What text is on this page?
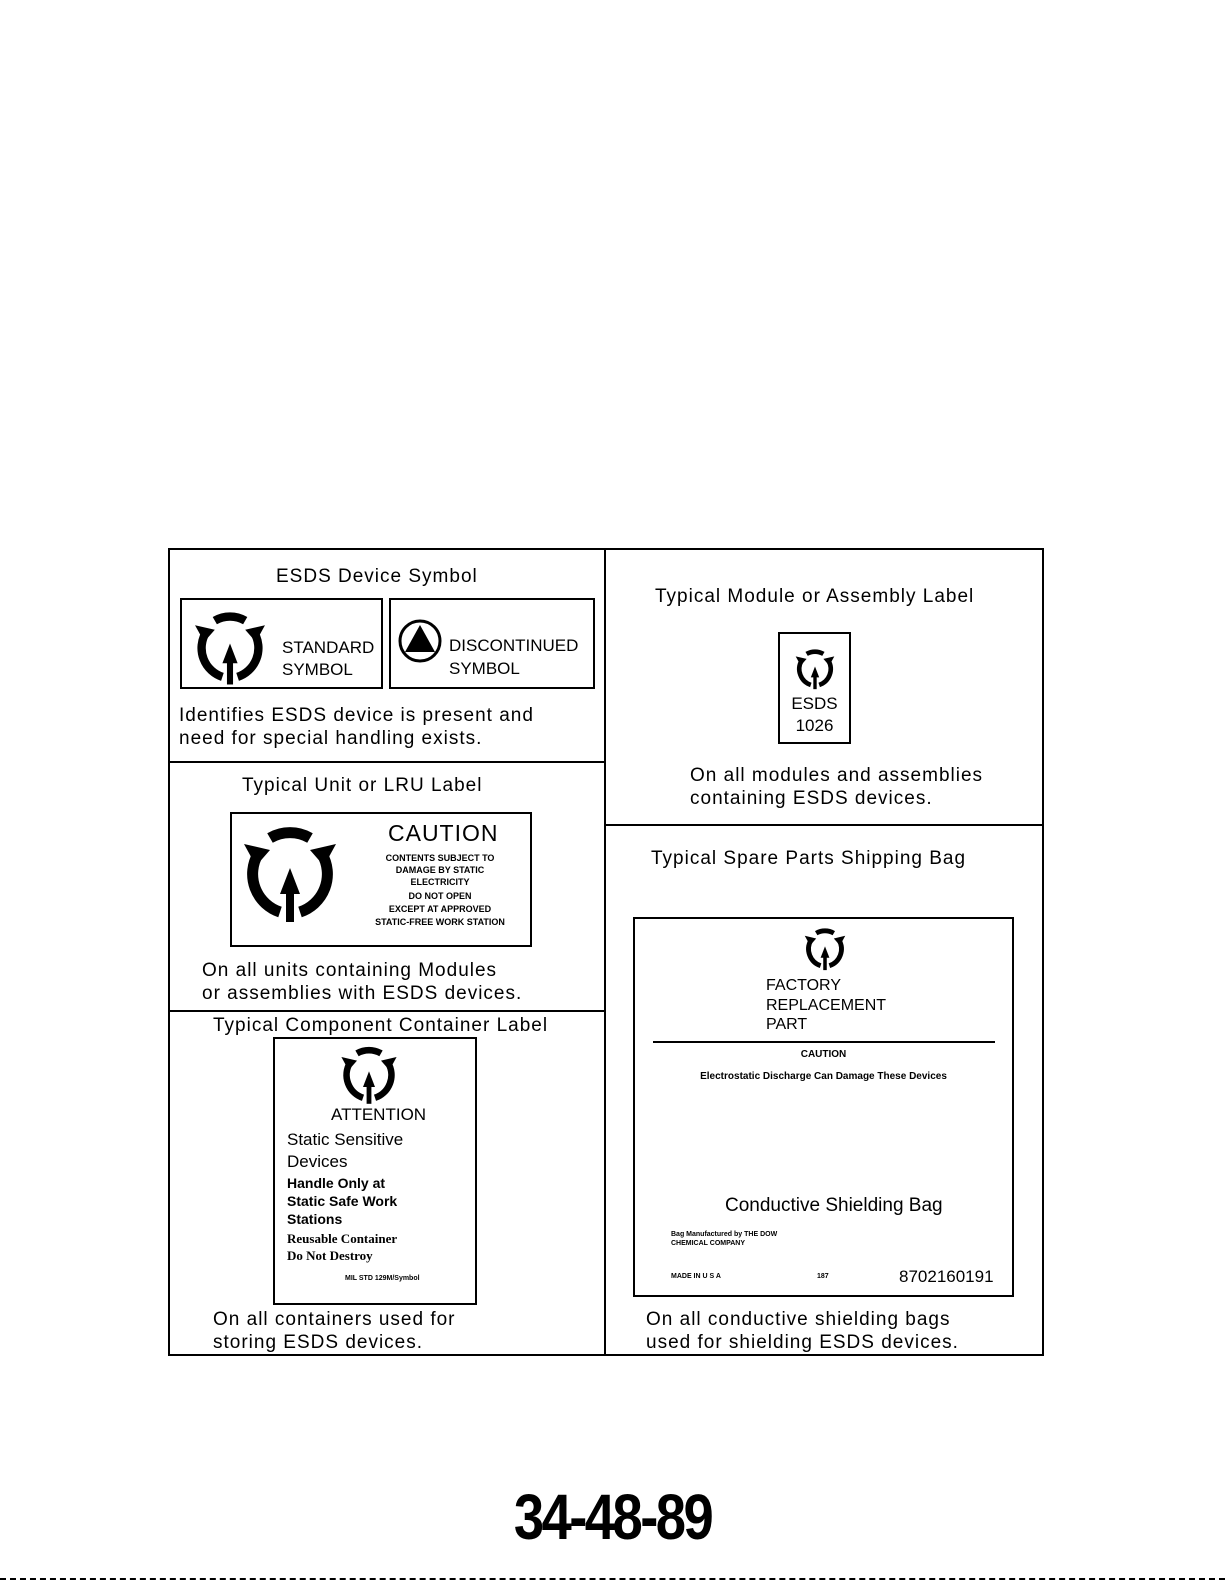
ESDS Device Symbol
STANDARD
SYMBOL
DISCONTINUED
SYMBOL
Identifies ESDS device is present and
need for special handling exists.
Typical Unit or LRU Label
CAUTION
CONTENTS SUBJECT TO
DAMAGE BY STATIC
ELECTRICITY
DO NOT OPEN
EXCEPT AT APPROVED
STATIC-FREE WORK STATION
On all units containing Modules
or assemblies with ESDS devices.
Typical Component Container Label
ATTENTION
Static Sensitive
Devices
Handle Only at
Static Safe Work
Stations
Reusable Container
Do Not Destroy
MIL STD 129M/Symbol
On all containers used for
storing ESDS devices.
Typical Module or Assembly Label
ESDS
1026
On all modules and assemblies
containing ESDS devices.
Typical Spare Parts Shipping Bag
FACTORY
REPLACEMENT
PART
CAUTION
Electrostatic Discharge Can Damage These Devices
Conductive Shielding Bag
Bag Manufactured by THE DOW
CHEMICAL COMPANY
MADE IN U S A	187	8702160191
On all conductive shielding bags
used for shielding ESDS devices.
34-48-89
